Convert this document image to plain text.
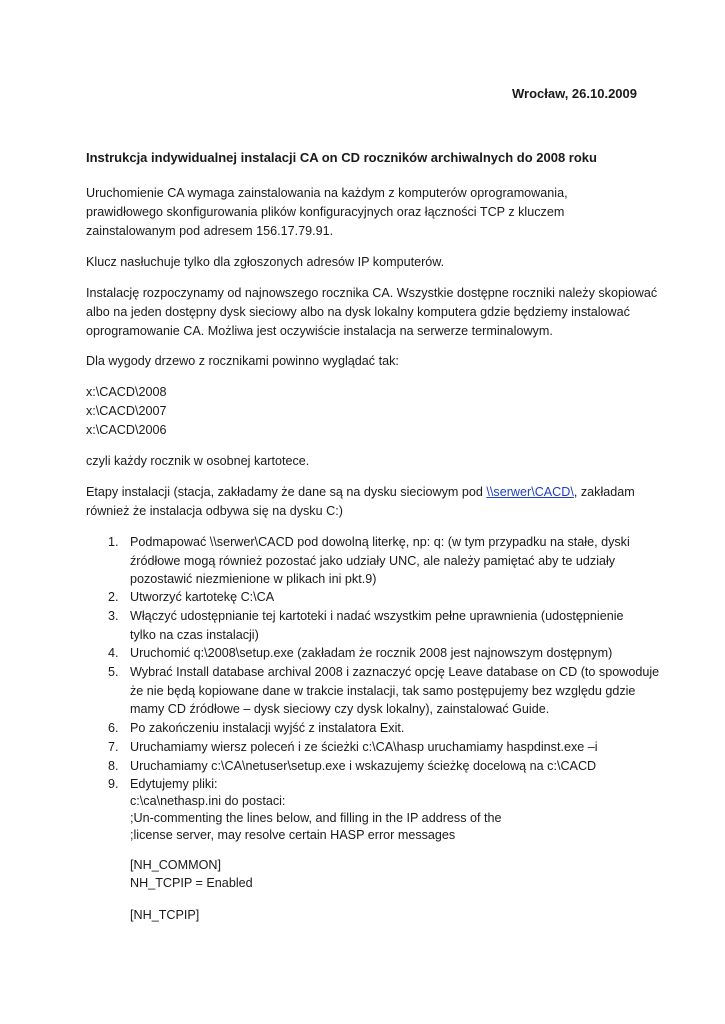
Wrocław, 26.10.2009
Instrukcja indywidualnej instalacji CA on CD roczników archiwalnych do 2008 roku
Uruchomienie CA wymaga zainstalowania na każdym z komputerów oprogramowania,
prawidłowego skonfigurowania plików konfiguracyjnych oraz łączności TCP z kluczem
zainstalowanym pod adresem 156.17.79.91.
Klucz nasłuchuje tylko dla zgłoszonych adresów IP komputerów.
Instalację rozpoczynamy od najnowszego rocznika CA. Wszystkie dostępne roczniki należy skopiować
albo na jeden dostępny dysk sieciowy albo na dysk lokalny komputera gdzie będziemy instalować
oprogramowanie CA. Możliwa jest oczywiście instalacja na serwerze terminalowym.
Dla wygody drzewo z rocznikami powinno wyglądać tak:
x:\CACD\2008
x:\CACD\2007
x:\CACD\2006
czyli każdy rocznik w osobnej kartotece.
Etapy instalacji (stacja, zakładamy że dane są na dysku sieciowym pod \\serwer\CACD\, zakładam
również że instalacja odbywa się na dysku C:)
1. Podmapować \\serwer\CACD pod dowolną literkę, np: q: (w tym przypadku na stałe, dyski
źródłowe mogą również pozostać jako udziały UNC, ale należy pamiętać aby te udziały
pozostawić niezmienione w plikach ini pkt.9)
2. Utworzyć kartotekę C:\CA
3. Włączyć udostępnianie tej kartoteki i nadać wszystkim pełne uprawnienia (udostępnienie
tylko na czas instalacji)
4. Uruchomić q:\2008\setup.exe (zakładam że rocznik 2008 jest najnowszym dostępnym)
5. Wybrać Install database archival 2008 i zaznaczyć opcję Leave database on CD (to spowoduje
że nie będą kopiowane dane w trakcie instalacji, tak samo postępujemy bez względu gdzie
mamy CD źródłowe – dysk sieciowy czy dysk lokalny), zainstalować Guide.
6. Po zakończeniu instalacji wyjść z instalatora Exit.
7. Uruchamiamy wiersz poleceń i ze ścieżki c:\CA\hasp uruchamiamy haspdinst.exe –i
8. Uruchamiamy c:\CA\netuser\setup.exe i wskazujemy ścieżkę docelową na c:\CACD
9. Edytujemy pliki:
c:\ca\nethasp.ini do postaci:
;Un-commenting the lines below, and filling in the IP address of the
;license server, may resolve certain HASP error messages
[NH_COMMON]
NH_TCPIP = Enabled
[NH_TCPIP]
